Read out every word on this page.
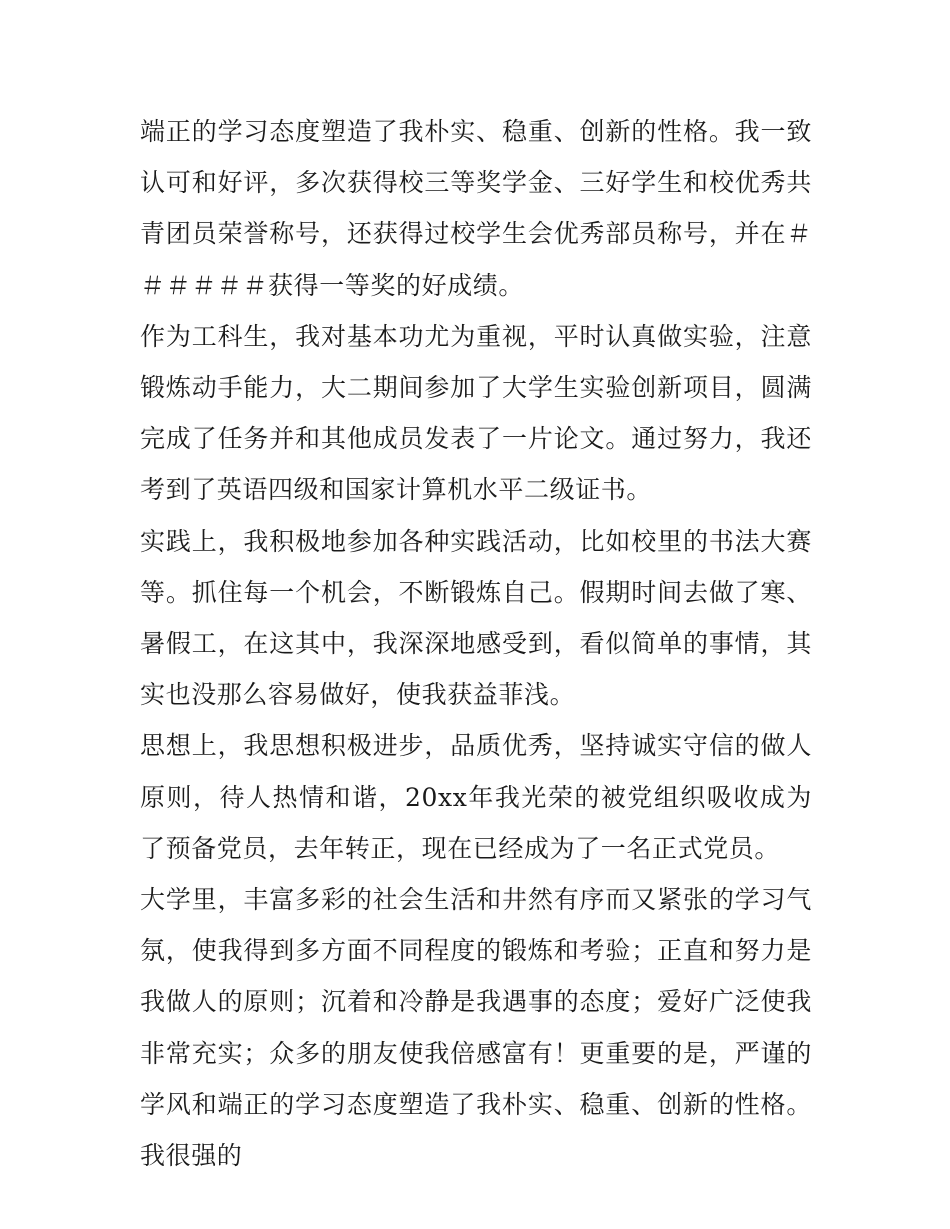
端正的学习态度塑造了我朴实、稳重、创新的性格。我一致认可和好评，多次获得校三等奖学金、三好学生和校优秀共青团员荣誉称号，还获得过校学生会优秀部员称号，并在＃＃＃＃＃＃获得一等奖的好成绩。

作为工科生，我对基本功尤为重视，平时认真做实验，注意锻炼动手能力，大二期间参加了大学生实验创新项目，圆满完成了任务并和其他成员发表了一片论文。通过努力，我还考到了英语四级和国家计算机水平二级证书。

实践上，我积极地参加各种实践活动，比如校里的书法大赛等。抓住每一个机会，不断锻炼自己。假期时间去做了寒、暑假工，在这其中，我深深地感受到，看似简单的事情，其实也没那么容易做好，使我获益菲浅。

思想上，我思想积极进步，品质优秀，坚持诚实守信的做人原则，待人热情和谐，20xx年我光荣的被党组织吸收成为了预备党员，去年转正，现在已经成为了一名正式党员。

大学里，丰富多彩的社会生活和井然有序而又紧张的学习气氛，使我得到多方面不同程度的锻炼和考验；正直和努力是我做人的原则；沉着和冷静是我遇事的态度；爱好广泛使我非常充实；众多的朋友使我倍感富有！更重要的是，严谨的学风和端正的学习态度塑造了我朴实、稳重、创新的性格。我很强的
